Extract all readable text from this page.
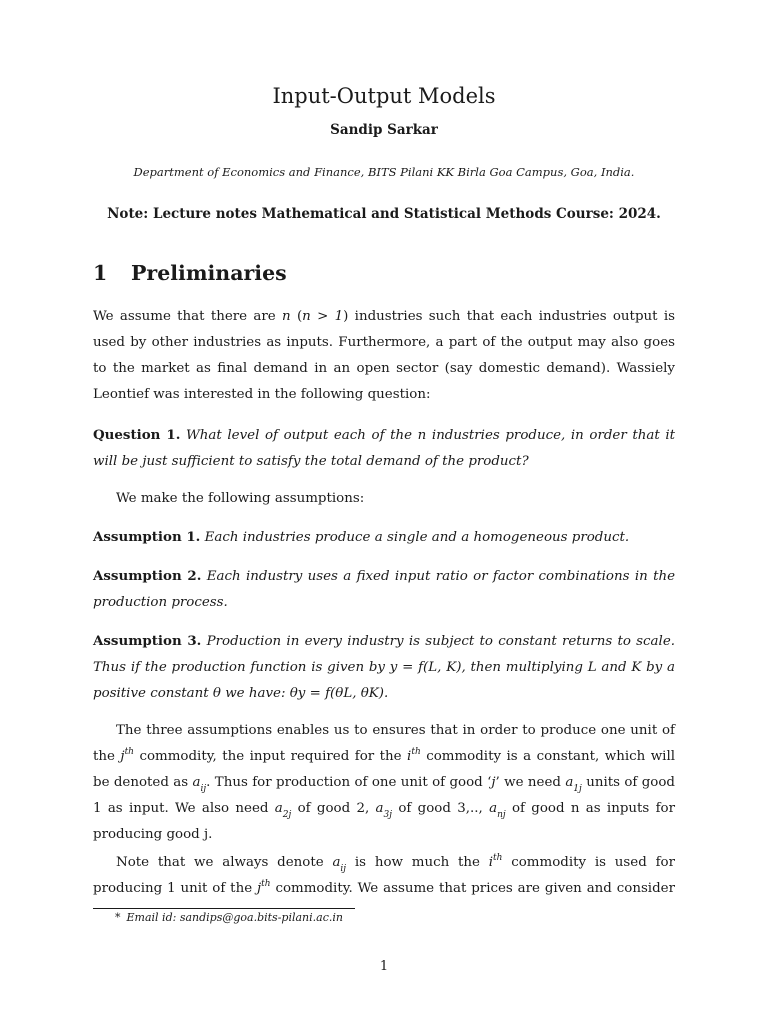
Input-Output Models
Sandip Sarkar
Department of Economics and Finance, BITS Pilani KK Birla Goa Campus, Goa, India.
Note: Lecture notes Mathematical and Statistical Methods Course: 2024.
1 Preliminaries
We assume that there are n (n > 1) industries such that each industries output is used by other industries as inputs. Furthermore, a part of the output may also goes to the market as final demand in an open sector (say domestic demand). Wassiely Leontief was interested in the following question:
Question 1. What level of output each of the n industries produce, in order that it will be just sufficient to satisfy the total demand of the product?
We make the following assumptions:
Assumption 1. Each industries produce a single and a homogeneous product.
Assumption 2. Each industry uses a fixed input ratio or factor combinations in the production process.
Assumption 3. Production in every industry is subject to constant returns to scale. Thus if the production function is given by y = f(L, K), then multiplying L and K by a positive constant θ we have: θy = f(θL, θK).
The three assumptions enables us to ensures that in order to produce one unit of the $j^{th}$ commodity, the input required for the $i^{th}$ commodity is a constant, which will be denoted as $a_{ij}$. Thus for production of one unit of good ‘j’ we need $a_{1j}$ units of good 1 as input. We also need $a_{2j}$ of good 2, $a_{3j}$ of good 3,.., $a_{nj}$ of good n as inputs for producing good j.
Note that we always denote $a_{ij}$ is how much the $i^{th}$ commodity is used for producing 1 unit of the $j^{th}$ commodity. We assume that prices are given and consider
* Email id: sandips@goa.bits-pilani.ac.in
1
